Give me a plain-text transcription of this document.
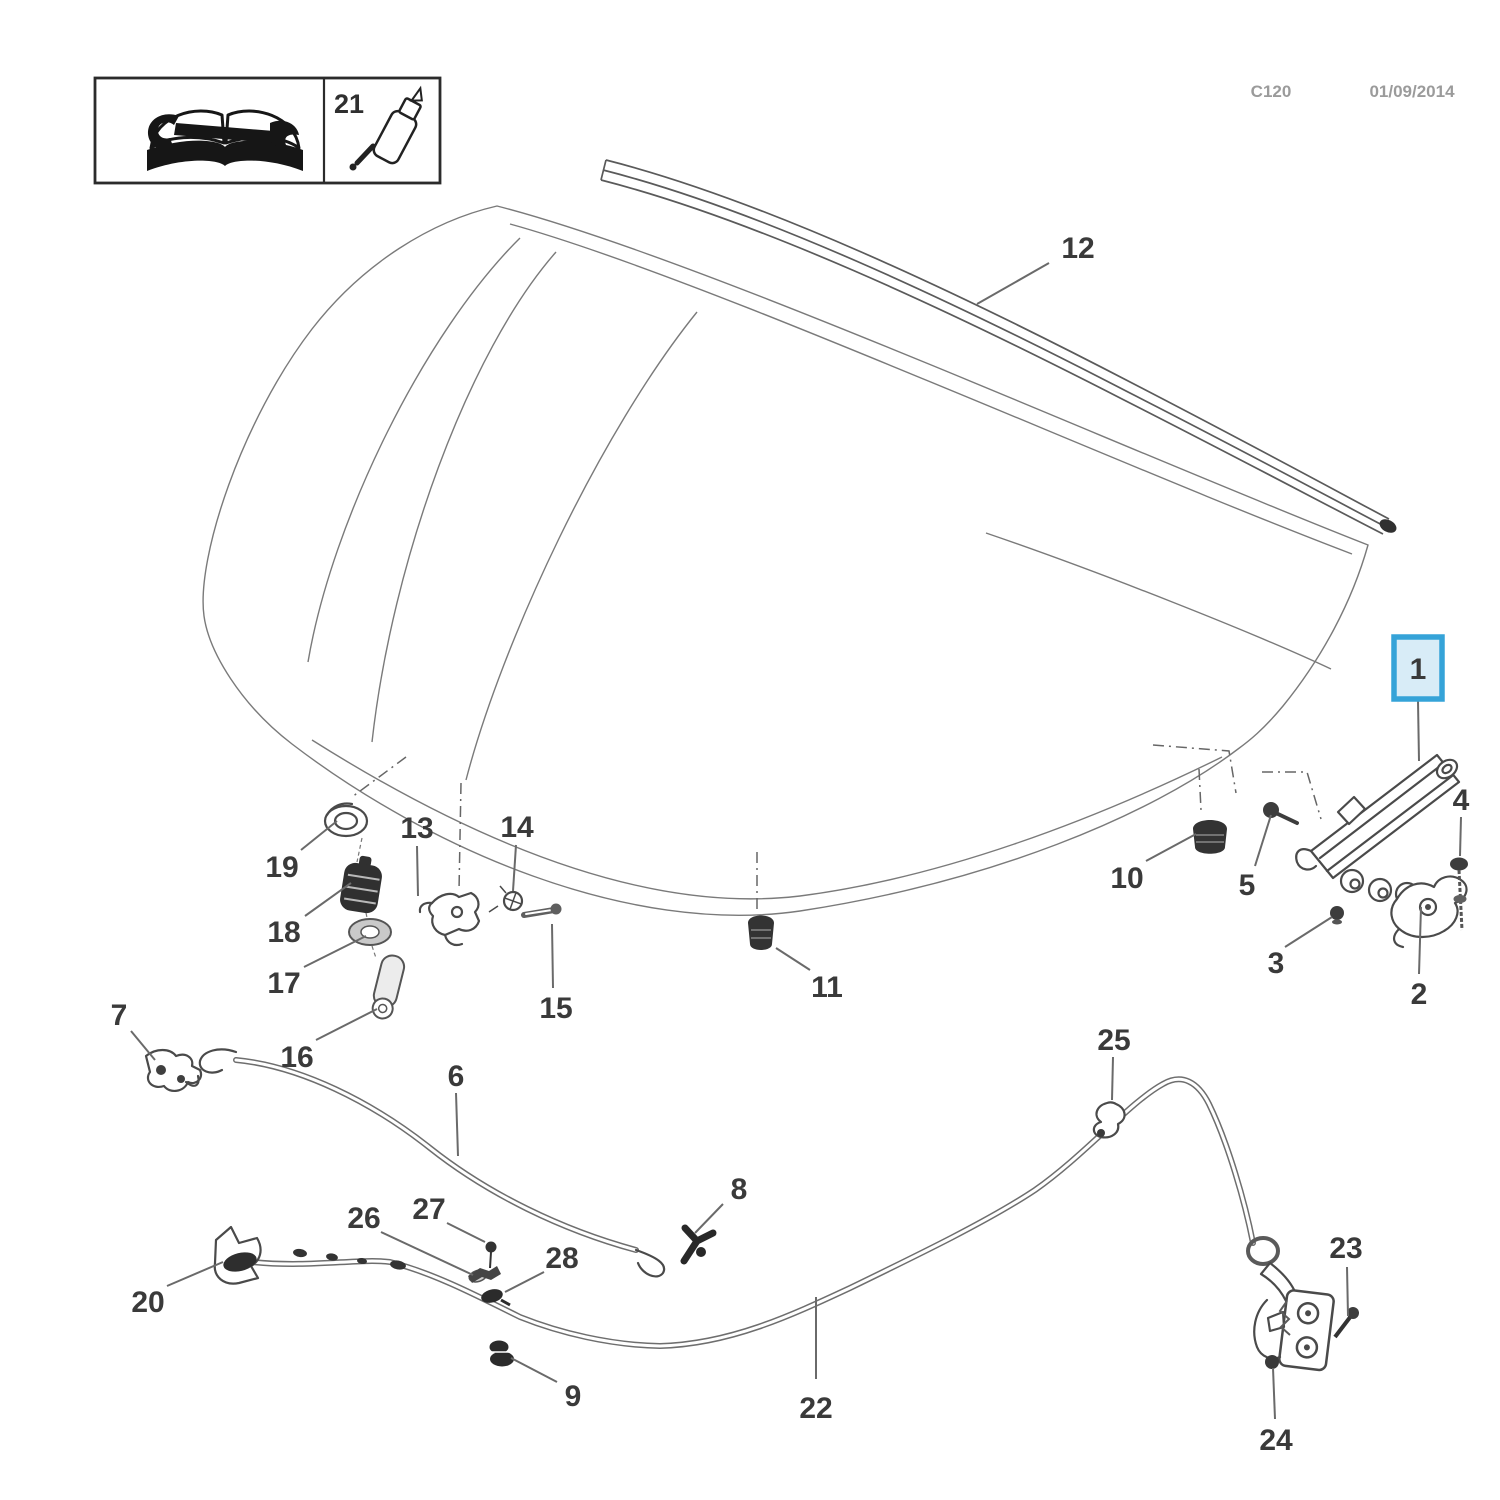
C120	01/09/2014
21
1
2
3
4
5
6
7
8
9
10
11
12
13 14
15
16
17
18
19
20
22
23
24
25
26 27
28
